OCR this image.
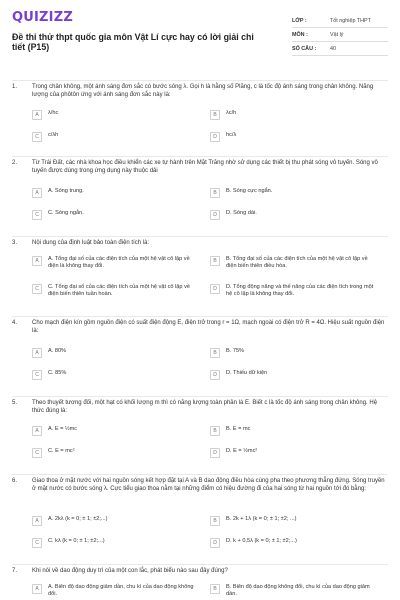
QUIZIZZ
Đề thi thử thpt quốc gia môn Vật Lí cực hay có lời giải chi tiết (P15)
LỚP :	Tốt nghiệp THPT
MÔN :	Vật lý
SỐ CÂU :	40
1.	Trong chân không, một ánh sáng đơn sắc có bước sóng λ. Gọi h là hằng số Plăng, c là tốc độ ánh sáng trong chân không. Năng lượng của phôtôn ứng với ánh sáng đơn sắc này là:
A	λ/hc	B	λc/h
C	c/λh	D	hc/λ
2.	Từ Trái Đất, các nhà khoa học điều khiển các xe tự hành trên Mặt Trăng nhờ sử dụng các thiết bị thu phát sóng vô tuyến. Sóng vô tuyến được dùng trong ứng dụng này thuộc dải
A	A. Sóng trung.	B	B. Sóng cực ngắn.
C	C. Sóng ngắn.	D	D. Sóng dài.
3.	Nội dung của định luật bảo toàn điện tích là:
A	A. Tổng đại số của các điện tích của một hệ vật cô lập về điện là không thay đổi.
B	B. Tổng đại số của các điện tích của một hệ vật cô lập về điện biến thiên điều hòa.
C	C. Tổng đại số của các điện tích của một hệ vật cô lập về điện biến thiên tuần hoàn.
D	D. Tổng động năng và thế năng của các điện tích trong một hệ cô lập là không thay đổi.
4.	Cho mạch điện kín gồm nguồn điện có suất điện động E, điện trở trong r = 1Ω, mạch ngoài có điện trở R = 4Ω. Hiệu suất nguồn điện là:
A	A. 80%	B	B. 75%
C	C. 85%	D	D. Thiếu dữ kiện
5.	Theo thuyết tương đối, một hạt có khối lượng m thì có năng lượng toàn phần là E. Biết c là tốc độ ánh sáng trong chân không. Hệ thức đúng là:
A	A. E = ½mc	B	B. E = mc
C	C. E = mc²	D	D. E = ½mc²
6.	Giao thoa ở mặt nước với hai nguồn sóng kết hợp đặt tại A và B dao động điều hòa cùng pha theo phương thẳng đứng. Sóng truyền ở mặt nước có bước sóng λ. Cực tiểu giao thoa nằm tại những điểm có hiệu đường đi của hai sóng từ hai nguồn tới đó bằng:
A	A. 2kλ (k = 0; ± 1; ±2;...)	B	B. 2k + 1λ (k = 0; ± 1; ±2; ...)
C	C. kλ (k = 0; ± 1; ±2;...)	D	D. k + 0,5λ (k = 0; ± 1; ±2;...)
7.	Khi nói về dao động duy trì của một con lắc, phát biểu nào sau đây đúng?
A	A. Biên độ dao động giảm dần, chu kì của dao động không đổi.
B	B. Biên độ dao động không đổi, chu kì của dao động giảm dần.
